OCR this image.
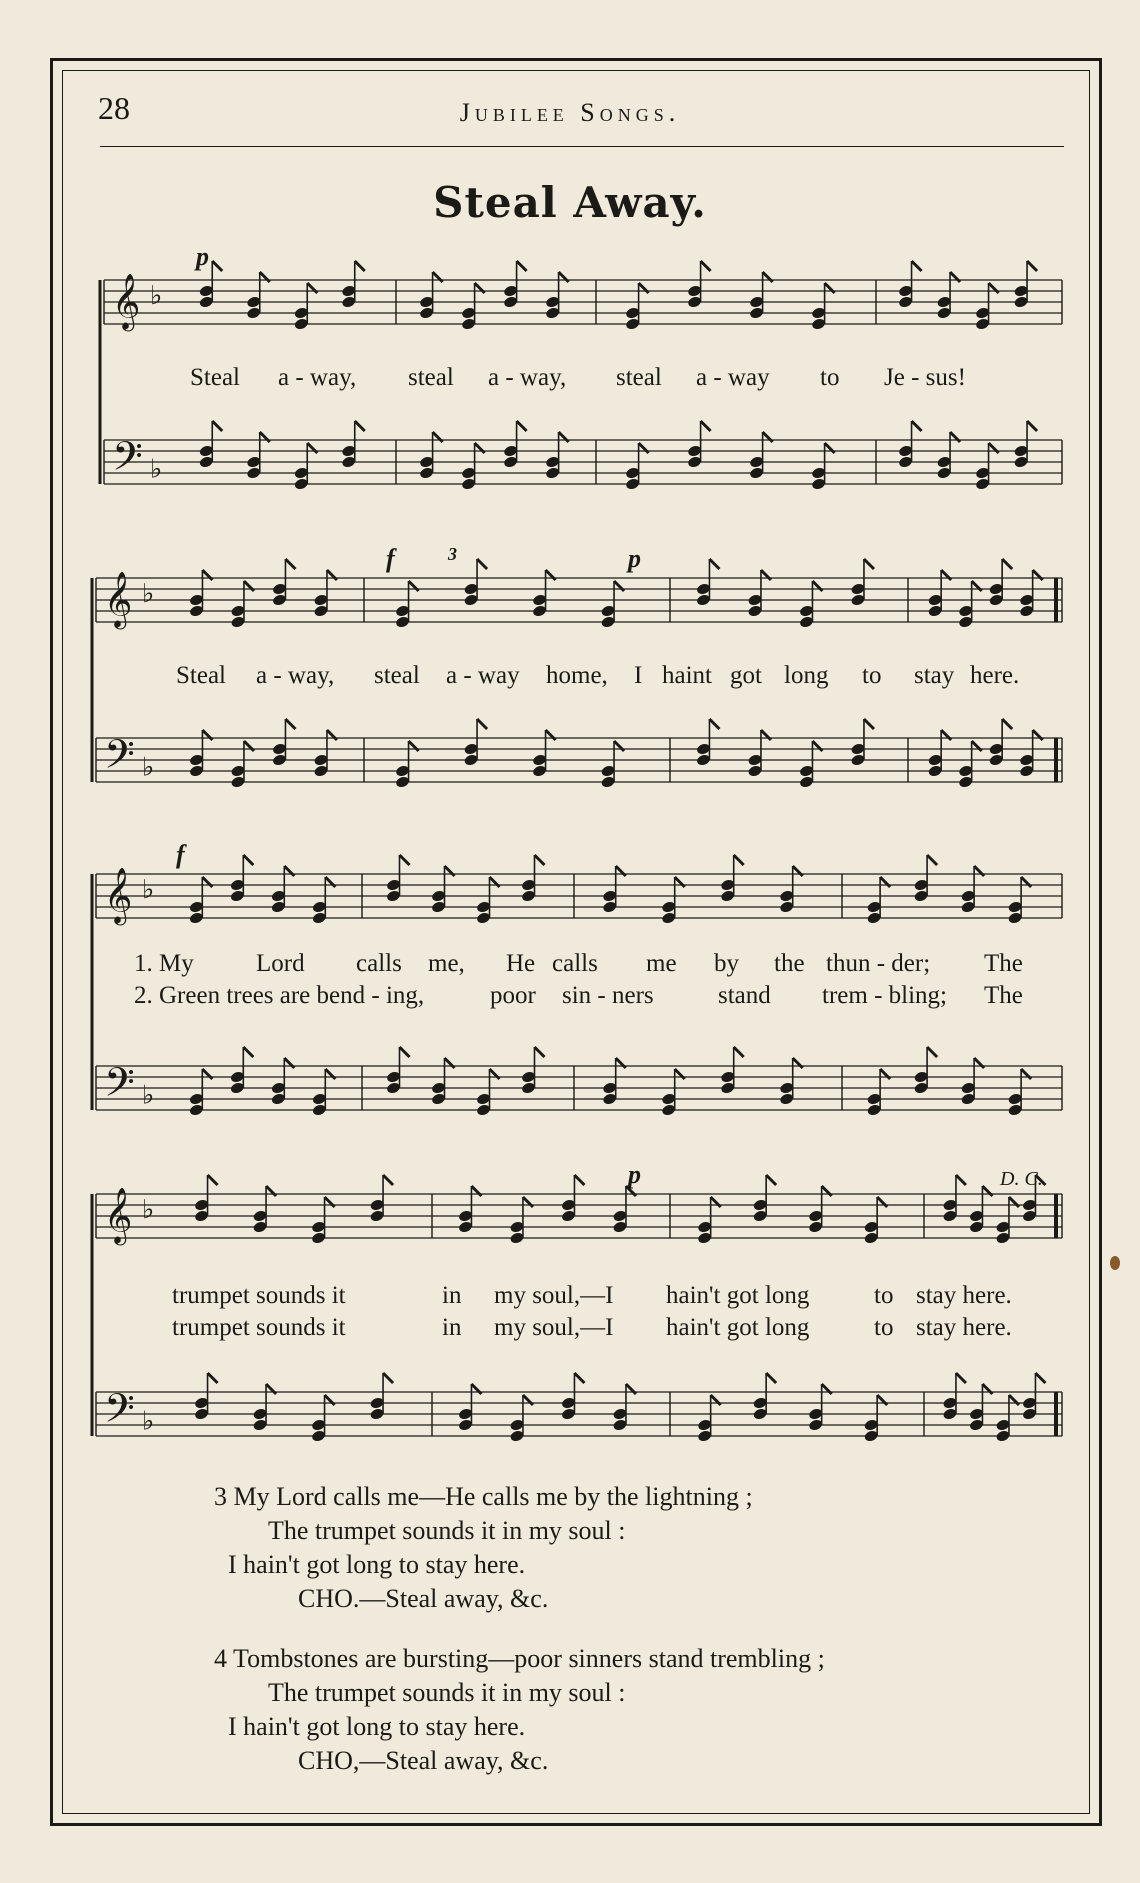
28	Jubilee Songs.
Steal Away.
𝄞 ♭
𝄢 ♭
𝄞 ♭
𝄢 ♭
𝄞 ♭
𝄢 ♭
𝄞 ♭
𝄢 ♭
𝄼
p
Steal a - way, steal a - way, steal a - way to Je - sus!
f	3	p
Steal a - way, steal a - way home, I haint got long to stay here.
f
1. My Lord calls me, He calls me by the thun - der; The
2. Green trees are bend - ing,	poor sin - ners	stand trem - bling; The
p	D. C.
trumpet sounds it	in my soul,—I hain't got long	to stay here.
trumpet sounds it	in my soul,—I hain't got long	to stay here.
3 My Lord calls me—He calls me by the lightning ;
The trumpet sounds it in my soul :
I hain't got long to stay here.
CHO.—Steal away, &c.
4 Tombstones are bursting—poor sinners stand trembling ;
The trumpet sounds it in my soul :
I hain't got long to stay here.
CHO,—Steal away, &c.
